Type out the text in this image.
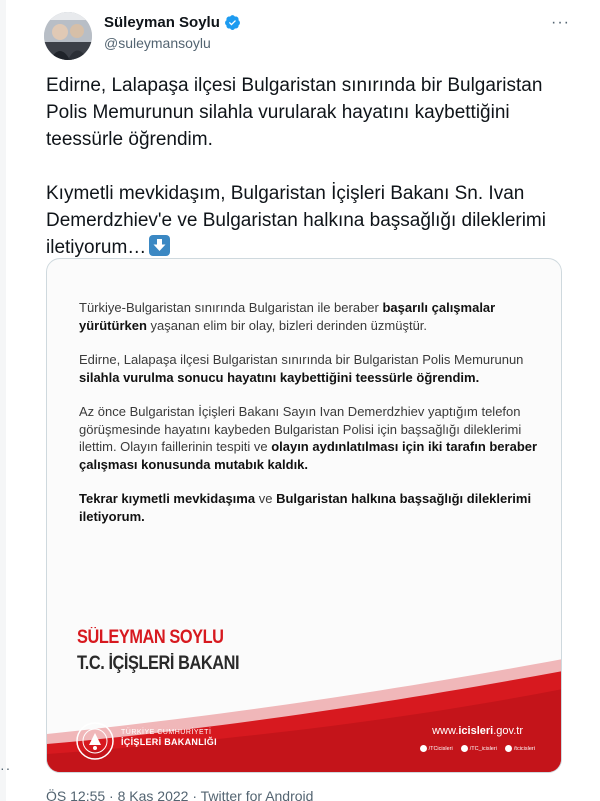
··
Süleyman Soylu
@suleymansoylu
···

Edirne, Lalapaşa ilçesi Bulgaristan sınırında bir Bulgaristan Polis Memurunun silahla vurularak hayatını kaybettiğini teessürle öğrendim.

Kıymetli mevkidaşım, Bulgaristan İçişleri Bakanı Sn. Ivan Demerdzhiev'e ve Bulgaristan halkına başsağlığı dileklerimi iletiyorum…

Türkiye-Bulgaristan sınırında Bulgaristan ile beraber başarılı çalışmalar yürütürken yaşanan elim bir olay, bizleri derinden üzmüştür.

Edirne, Lalapaşa ilçesi Bulgaristan sınırında bir Bulgaristan Polis Memurunun silahla vurulma sonucu hayatını kaybettiğini teessürle öğrendim.

Az önce Bulgaristan İçişleri Bakanı Sayın Ivan Demerdzhiev yaptığım telefon görüşmesinde hayatını kaybeden Bulgaristan Polisi için başsağlığı dileklerimi ilettim. Olayın faillerinin tespiti ve olayın aydınlatılması için iki tarafın beraber çalışması konusunda mutabık kaldık.

Tekrar kıymetli mevkidaşıma ve Bulgaristan halkına başsağlığı dileklerimi iletiyorum.

SÜLEYMAN SOYLU
T.C. İÇİŞLERİ BAKANI
TÜRKİYE CUMHURİYETİ
İÇİŞLERİ BAKANLIĞI
www.icisleri.gov.tr
/TCicisleri	/TC_icisleri	/tcicisleri
ÖS 12:55 · 8 Kas 2022 · Twitter for Android
